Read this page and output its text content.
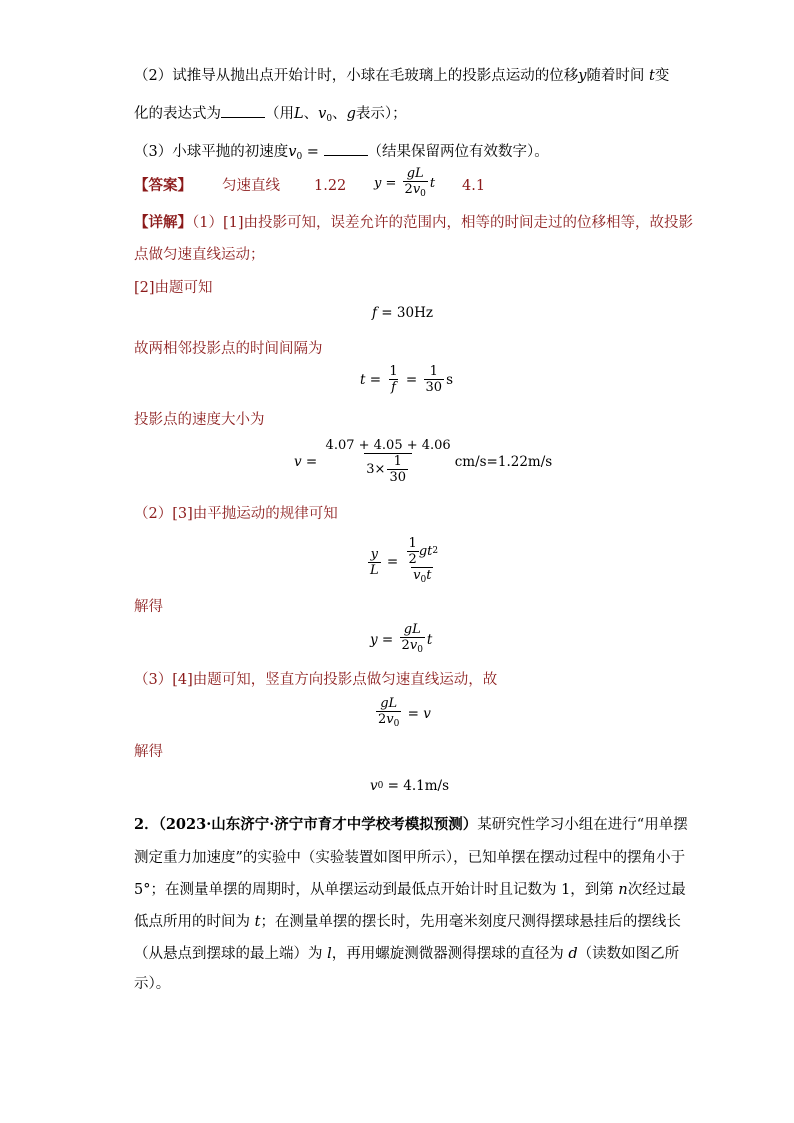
（2）试推导从抛出点开始计时，小球在毛玻璃上的投影点运动的位移y随着时间 t变
化的表达式为	（用L、$v_0$、g表示）；
（3）小球平抛的初速度$v_0$ =	（结果保留两位有效数字）。
【答案】 匀速直线 1.22 $y = \frac{gL}{2v_0}$ t 4.1
【详解】（1）[1]由投影可知，误差允许的范围内，相等的时间走过的位移相等，故投影
点做匀速直线运动；
[2]由题可知
f = 30Hz
故两相邻投影点的时间间隔为
$t = \frac{1}{f} = \frac{1}{30}$ s
投影点的速度大小为
$v = \frac{4.07 + 4.05 + 4.06}{3\times \frac{1}{30}} cm/s=1.22m/s$
（2）[3]由平抛运动的规律可知
$\frac{y}{L} = \frac{\frac{1}{2} gt 2}{v_0t}$
解得
$y = \frac{gL}{2v_0}$ t
（3）[4]由题可知，竖直方向投影点做匀速直线运动，故
$\frac{gL}{2v_0} = v$
解得
v 0
= 4.1m/s
2．（2023·山东济宁·济宁市育才中学校考模拟预测）某研究性学习小组在进行“用单摆
测定重力加速度”的实验中（实验装置如图甲所示），已知单摆在摆动过程中的摆角小于
5°；在测量单摆的周期时，从单摆运动到最低点开始计时且记数为 1，到第 n次经过最
低点所用的时间为 t；在测量单摆的摆长时，先用毫米刻度尺测得摆球悬挂后的摆线长
（从悬点到摆球的最上端）为 l，再用螺旋测微器测得摆球的直径为 d（读数如图乙所
示）。
